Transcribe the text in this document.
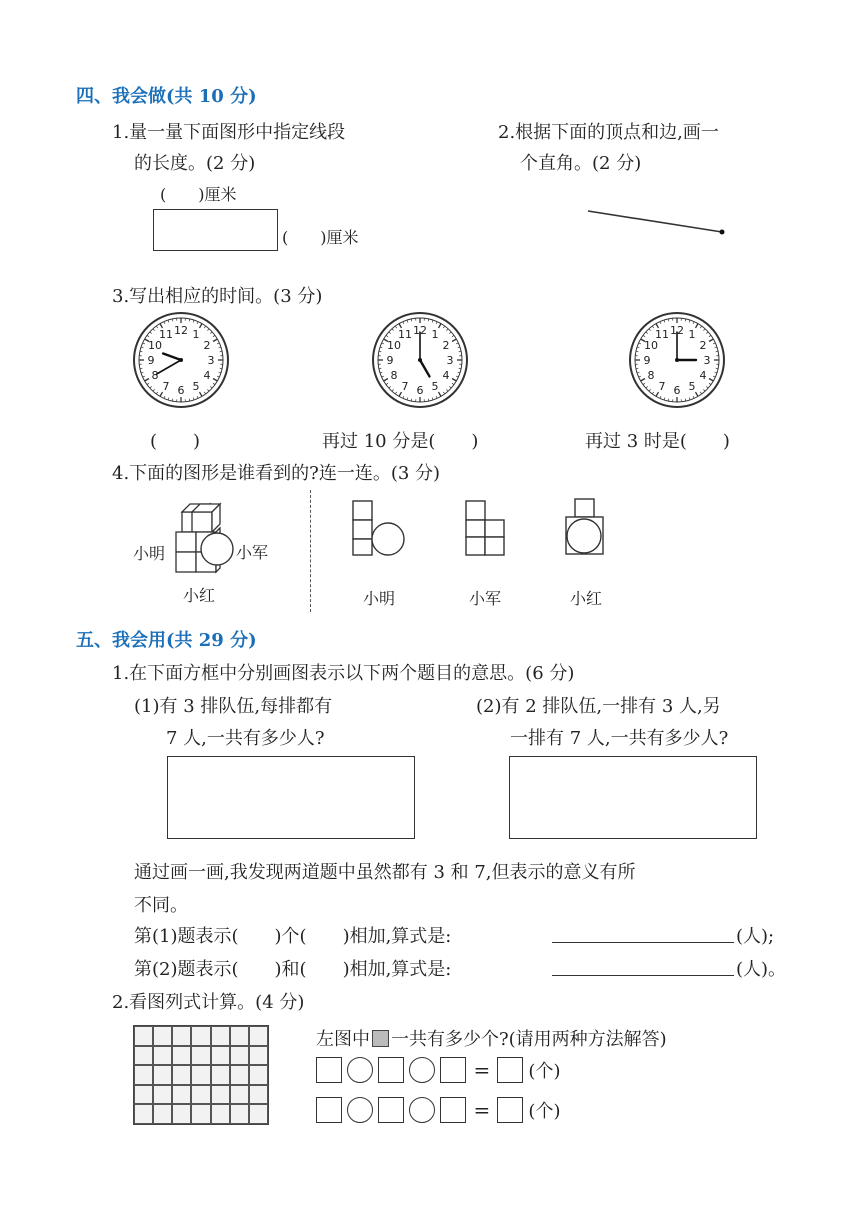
四、我会做(共 10 分)
1.量一量下面图形中指定线段
的长度。(2 分)
(　　)厘米
(　　)厘米
2.根据下面的顶点和边,画一
个直角。(2 分)
3.写出相应的时间。(3 分)
1
2
3
4
5
6
7
8
9
10
11 12	1
2
3
4
5
6
7
8
9
10
11 12	1
2
3
4
5
6
7
8
9
10
11 12
(　　)	再过 10 分是(　　)	再过 3 时是(　　)
4.下面的图形是谁看到的?连一连。(3 分)
小明	小军
小红	小明	小军	小红
五、我会用(共 29 分)
1.在下面方框中分别画图表示以下两个题目的意思。(6 分)
(1)有 3 排队伍,每排都有
7 人,一共有多少人?
(2)有 2 排队伍,一排有 3 人,另
一排有 7 人,一共有多少人?
通过画一画,我发现两道题中虽然都有 3 和 7,但表示的意义有所
不同。
第(1)题表示(　　)个(　　)相加,算式是:	(人);
第(2)题表示(　　)和(　　)相加,算式是:	(人)。
2.看图列式计算。(4 分)
左图中 一共有多少个?(请用两种方法解答)
= (个)
= (个)
